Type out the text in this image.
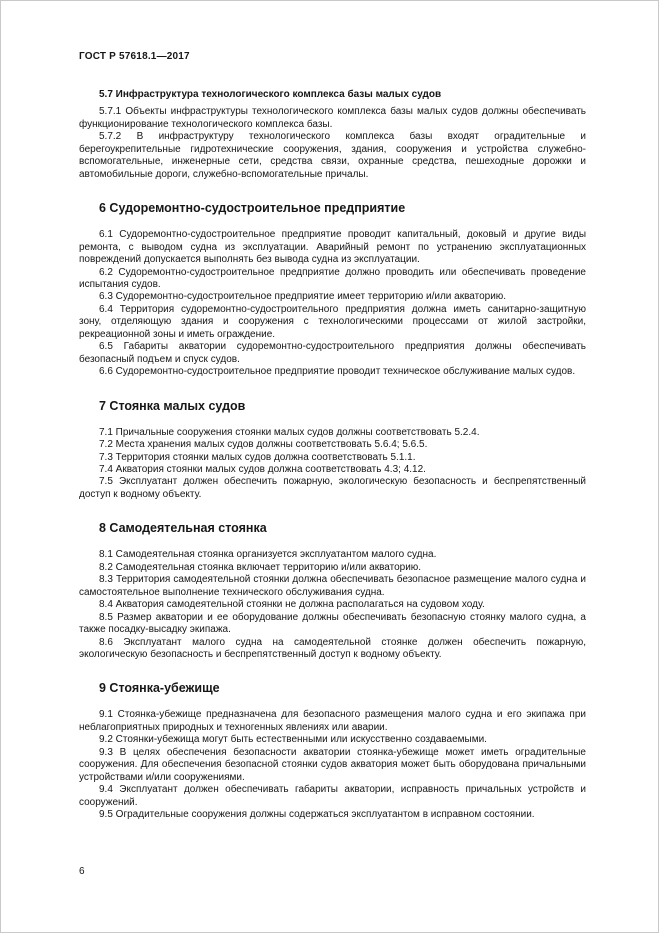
ГОСТ Р 57618.1—2017
5.7 Инфраструктура технологического комплекса базы малых судов

5.7.1 Объекты инфраструктуры технологического комплекса базы малых судов должны обеспечивать функционирование технологического комплекса базы.

5.7.2 В инфраструктуру технологического комплекса базы входят оградительные и берегоукрепительные гидротехнические сооружения, здания, сооружения и устройства служебно-вспомогательные, инженерные сети, средства связи, охранные средства, пешеходные дорожки и автомобильные дороги, служебно-вспомогательные причалы.

6 Судоремонтно-судостроительное предприятие

6.1 Судоремонтно-судостроительное предприятие проводит капитальный, доковый и другие виды ремонта, с выводом судна из эксплуатации. Аварийный ремонт по устранению эксплуатационных повреждений допускается выполнять без вывода судна из эксплуатации.

6.2 Судоремонтно-судостроительное предприятие должно проводить или обеспечивать проведение испытания судов.

6.3 Судоремонтно-судостроительное предприятие имеет территорию и/или акваторию.

6.4 Территория судоремонтно-судостроительного предприятия должна иметь санитарно-защитную зону, отделяющую здания и сооружения с технологическими процессами от жилой застройки, рекреационной зоны и иметь ограждение.

6.5 Габариты акватории судоремонтно-судостроительного предприятия должны обеспечивать безопасный подъем и спуск судов.

6.6 Судоремонтно-судостроительное предприятие проводит техническое обслуживание малых судов.

7 Стоянка малых судов

7.1 Причальные сооружения стоянки малых судов должны соответствовать 5.2.4.

7.2 Места хранения малых судов должны соответствовать 5.6.4; 5.6.5.

7.3 Территория стоянки малых судов должна соответствовать 5.1.1.

7.4 Акватория стоянки малых судов должна соответствовать 4.3; 4.12.

7.5 Эксплуатант должен обеспечить пожарную, экологическую безопасность и беспрепятственный доступ к водному объекту.

8 Самодеятельная стоянка

8.1 Самодеятельная стоянка организуется эксплуатантом малого судна.

8.2 Самодеятельная стоянка включает территорию и/или акваторию.

8.3 Территория самодеятельной стоянки должна обеспечивать безопасное размещение малого судна и самостоятельное выполнение технического обслуживания судна.

8.4 Акватория самодеятельной стоянки не должна располагаться на судовом ходу.

8.5 Размер акватории и ее оборудование должны обеспечивать безопасную стоянку малого судна, а также посадку-высадку экипажа.

8.6 Эксплуатант малого судна на самодеятельной стоянке должен обеспечить пожарную, экологическую безопасность и беспрепятственный доступ к водному объекту.

9 Стоянка-убежище

9.1 Стоянка-убежище предназначена для безопасного размещения малого судна и его экипажа при неблагоприятных природных и техногенных явлениях или аварии.

9.2 Стоянки-убежища могут быть естественными или искусственно создаваемыми.

9.3 В целях обеспечения безопасности акватории стоянка-убежище может иметь оградительные сооружения. Для обеспечения безопасной стоянки судов акватория может быть оборудована причальными устройствами и/или сооружениями.

9.4 Эксплуатант должен обеспечивать габариты акватории, исправность причальных устройств и сооружений.

9.5 Оградительные сооружения должны содержаться эксплуатантом в исправном состоянии.

6
